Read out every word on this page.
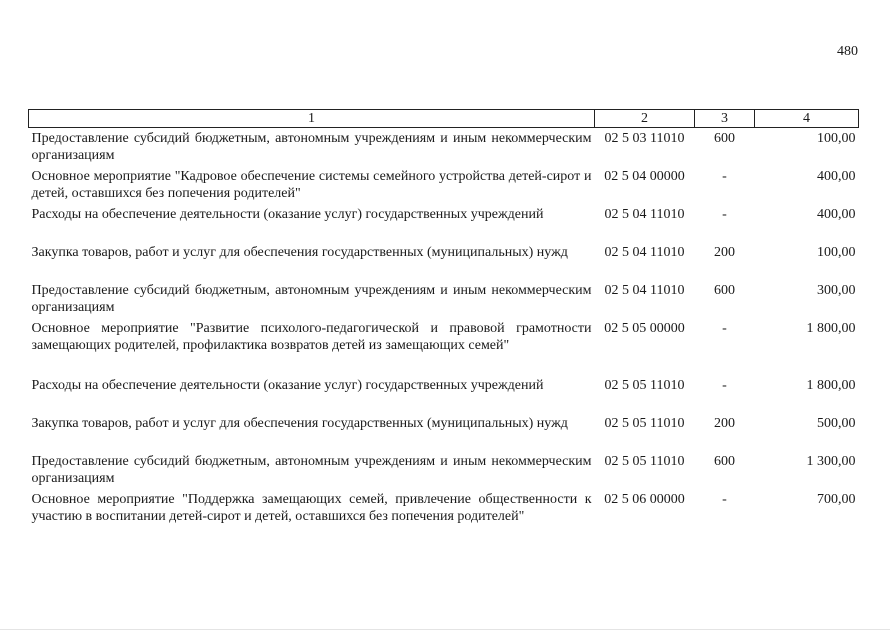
480
1	2	3	4
Предоставление субсидий бюджетным, автономным учреждениям и иным некоммерческим организациям	02 5 03 11010	600	100,00
Основное мероприятие "Кадровое обеспечение системы семейного устройства детей-сирот и детей, оставшихся без попечения родителей"	02 5 04 00000	-	400,00
Расходы на обеспечение деятельности (оказание услуг) государственных учреждений	02 5 04 11010	-	400,00
Закупка товаров, работ и услуг для обеспечения государственных (муниципальных) нужд	02 5 04 11010	200	100,00
Предоставление субсидий бюджетным, автономным учреждениям и иным некоммерческим организациям	02 5 04 11010	600	300,00
Основное мероприятие "Развитие психолого-педагогической и правовой грамотности замещающих родителей, профилактика возвратов детей из замещающих семей"	02 5 05 00000	-	1 800,00
Расходы на обеспечение деятельности (оказание услуг) государственных учреждений	02 5 05 11010	-	1 800,00
Закупка товаров, работ и услуг для обеспечения государственных (муниципальных) нужд	02 5 05 11010	200	500,00
Предоставление субсидий бюджетным, автономным учреждениям и иным некоммерческим организациям	02 5 05 11010	600	1 300,00
Основное мероприятие "Поддержка замещающих семей, привлечение общественности к участию в воспитании детей-сирот и детей, оставшихся без попечения родителей"	02 5 06 00000	-	700,00
